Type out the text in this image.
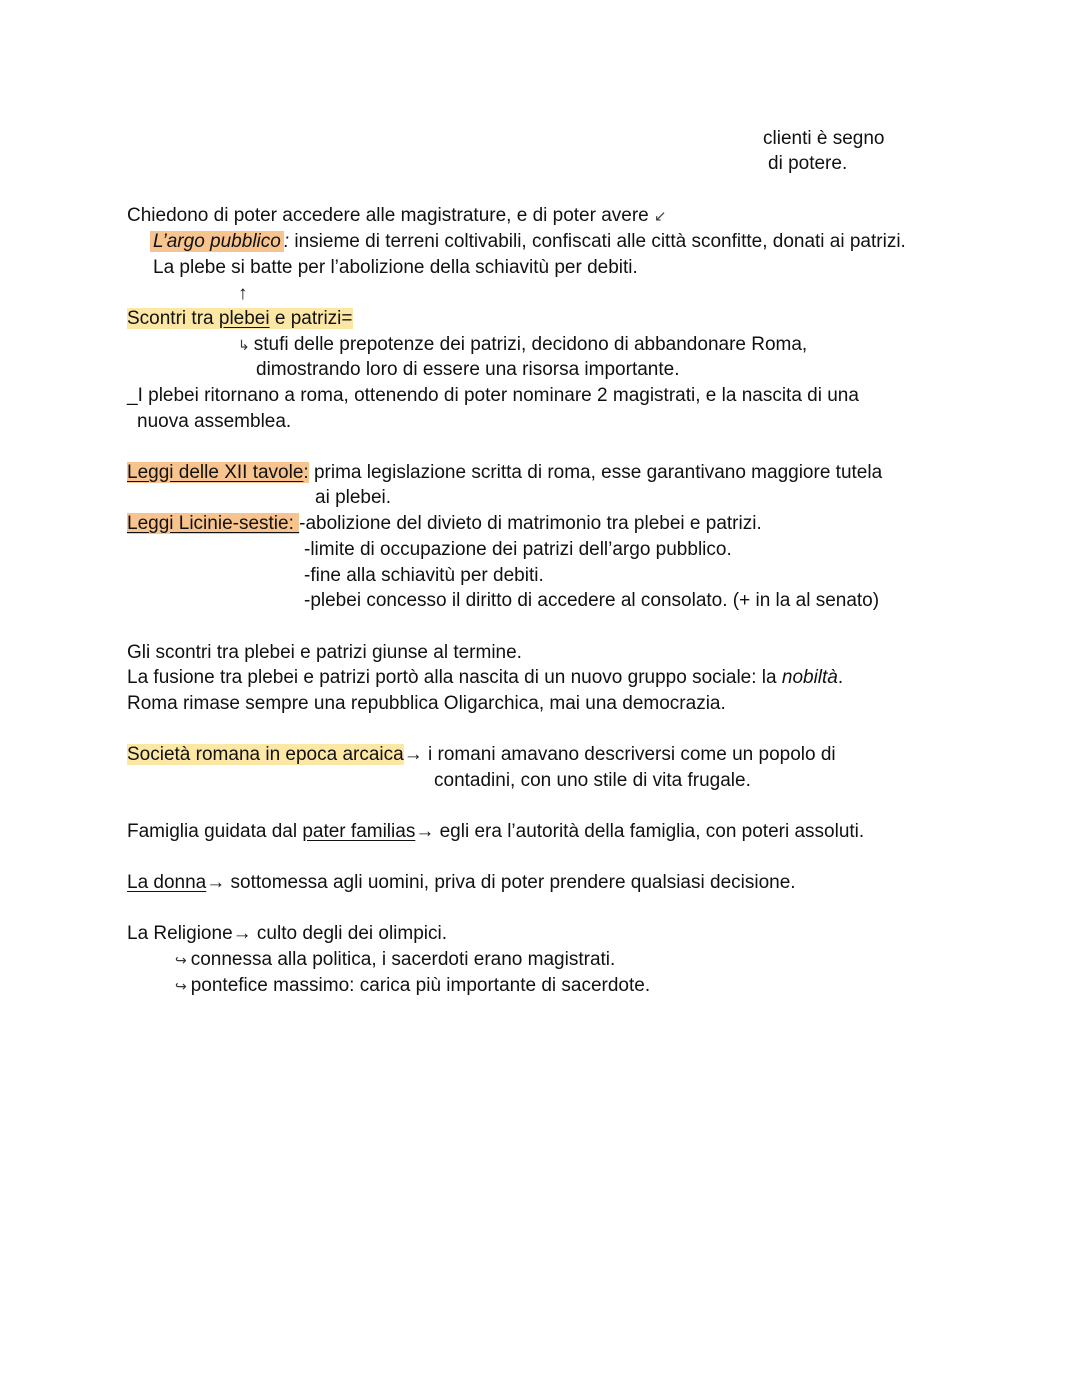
clienti è segno
di potere.
Chiedono di poter accedere alle magistrature, e di poter avere ↙
L’argo pubblico : insieme di terreni coltivabili, confiscati alle città sconfitte, donati ai patrizi.
La plebe si batte per l’abolizione della schiavitù per debiti.
↑
Scontri tra plebei e patrizi=
↳ stufi delle prepotenze dei patrizi, decidono di abbandonare Roma,
dimostrando loro di essere una risorsa importante.
_I plebei ritornano a roma, ottenendo di poter nominare 2 magistrati, e la nascita di una
nuova assemblea.
Leggi delle XII tavole: prima legislazione scritta di roma, esse garantivano maggiore tutela
ai plebei.
Leggi Licinie-sestie: -abolizione del divieto di matrimonio tra plebei e patrizi.
-limite di occupazione dei patrizi dell’argo pubblico.
-fine alla schiavitù per debiti.
-plebei concesso il diritto di accedere al consolato. (+ in la al senato)
Gli scontri tra plebei e patrizi giunse al termine.
La fusione tra plebei e patrizi portò alla nascita di un nuovo gruppo sociale: la nobiltà.
Roma rimase sempre una repubblica Oligarchica, mai una democrazia.
Società romana in epoca arcaica→ i romani amavano descriversi come un popolo di
contadini, con uno stile di vita frugale.
Famiglia guidata dal pater familias→ egli era l’autorità della famiglia, con poteri assoluti.
La donna→ sottomessa agli uomini, priva di poter prendere qualsiasi decisione.
La Religione→ culto degli dei olimpici.
↪ connessa alla politica, i sacerdoti erano magistrati.
↪ pontefice massimo: carica più importante di sacerdote.
